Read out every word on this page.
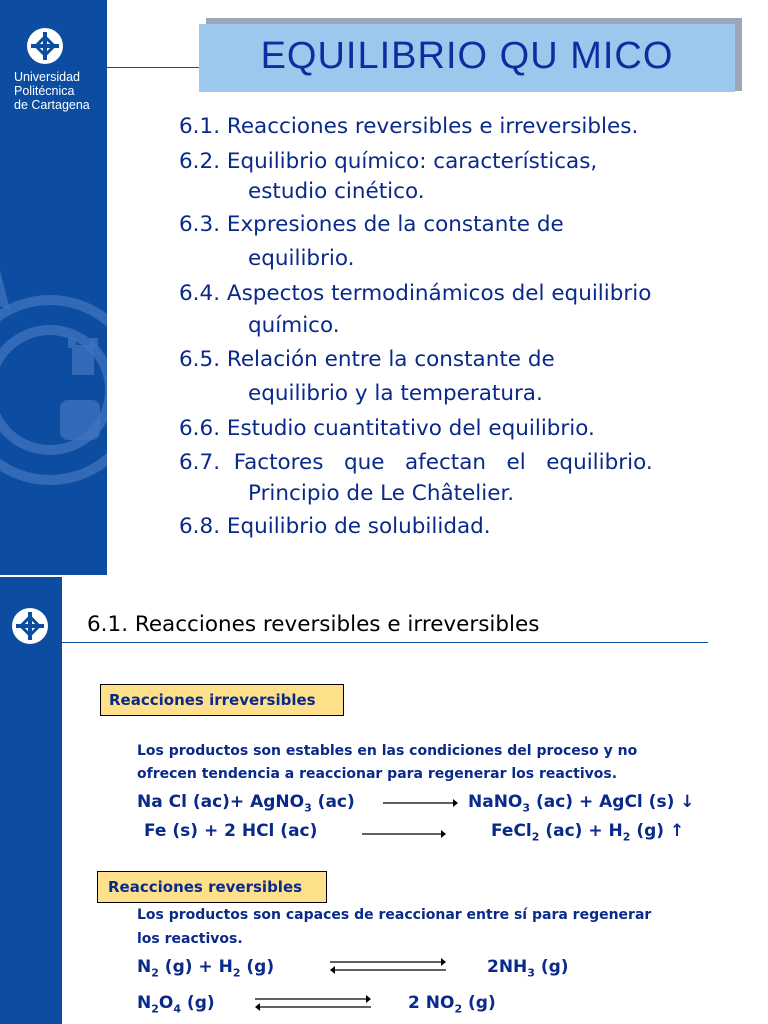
Universidad
Politécnica
de Cartagena
EQUILIBRIO QU MICO
6.1. Reacciones reversibles e irreversibles.
6.2. Equilibrio químico: características,
estudio cinético.
6.3. Expresiones de la constante de
equilibrio.
6.4. Aspectos termodinámicos del equilibrio
químico.
6.5. Relación entre la constante de
equilibrio y la temperatura.
6.6. Estudio cuantitativo del equilibrio.
6.7.  Factores   que   afectan   el   equilibrio.
Principio de Le Châtelier.
6.8. Equilibrio de solubilidad.
6.1. Reacciones reversibles e irreversibles
Reacciones irreversibles
Los productos son estables en las condiciones del proceso y no
ofrecen tendencia a reaccionar para regenerar los reactivos.
Na Cl (ac)+ AgNO$_3$ (ac)	NaNO$_3$ (ac) + AgCl (s) ↓
Fe (s) + 2 HCl (ac)	FeCl$_2$ $(ac) + H_2$ (g) ↑
Reacciones reversibles
Los productos son capaces de reaccionar entre sí para regenerar
los reactivos.
$N_2$ $(g) + H_2$ (g)	$2NH_3$ (g)
$N_2O_4$ (g)	2 $NO_2$ (g)
